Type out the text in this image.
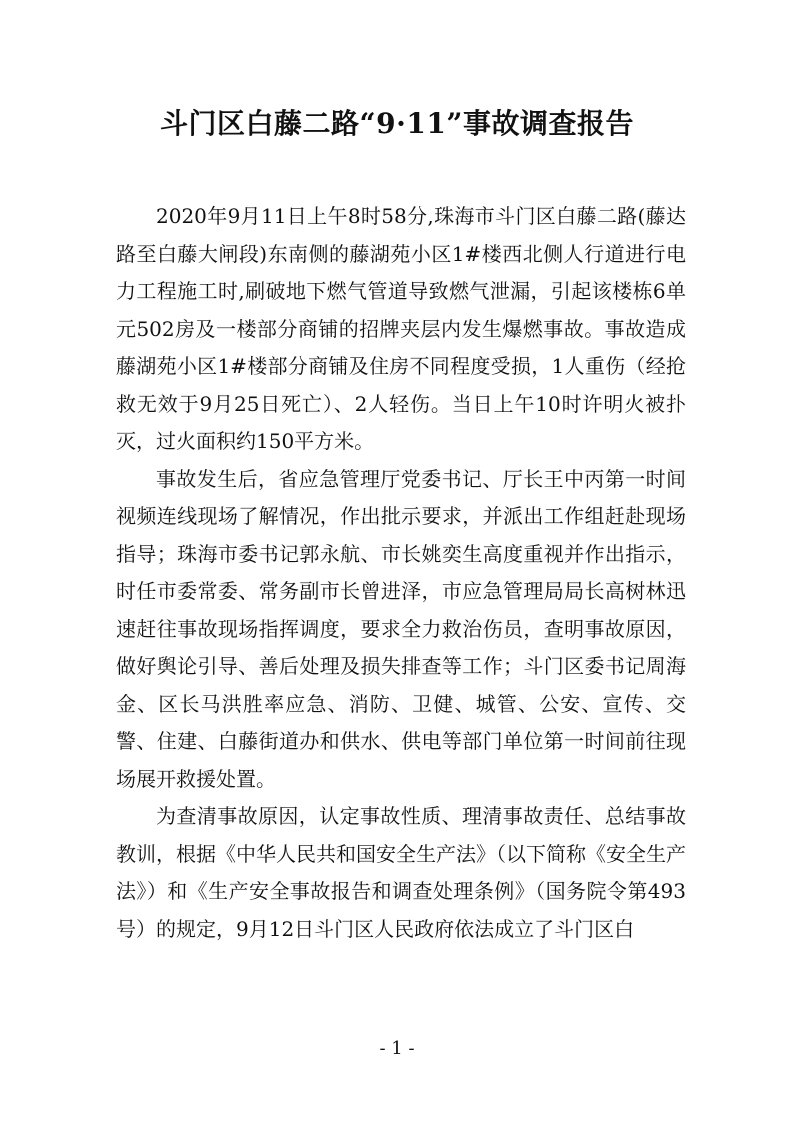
斗门区白藤二路“9·11”事故调查报告

2020年9月11日上午8时58分,珠海市斗门区白藤二路(藤达路至白藤大闸段)东南侧的藤湖苑小区1#楼西北侧人行道进行电力工程施工时,刷破地下燃气管道导致燃气泄漏，引起该楼栋6单元502房及一楼部分商铺的招牌夹层内发生爆燃事故。事故造成藤湖苑小区1#楼部分商铺及住房不同程度受损，1人重伤（经抢救无效于9月25日死亡）、2人轻伤。当日上午10时许明火被扑灭，过火面积约150平方米。

事故发生后，省应急管理厅党委书记、厅长王中丙第一时间视频连线现场了解情况，作出批示要求，并派出工作组赶赴现场指导；珠海市委书记郭永航、市长姚奕生高度重视并作出指示，时任市委常委、常务副市长曾进泽，市应急管理局局长高树林迅速赶往事故现场指挥调度，要求全力救治伤员，查明事故原因，做好舆论引导、善后处理及损失排查等工作；斗门区委书记周海金、区长马洪胜率应急、消防、卫健、城管、公安、宣传、交警、住建、白藤街道办和供水、供电等部门单位第一时间前往现场展开救援处置。

为查清事故原因，认定事故性质、理清事故责任、总结事故教训，根据《中华人民共和国安全生产法》（以下简称《安全生产法》）和《生产安全事故报告和调查处理条例》（国务院令第493号）的规定，9月12日斗门区人民政府依法成立了斗门区白

- 1 -
